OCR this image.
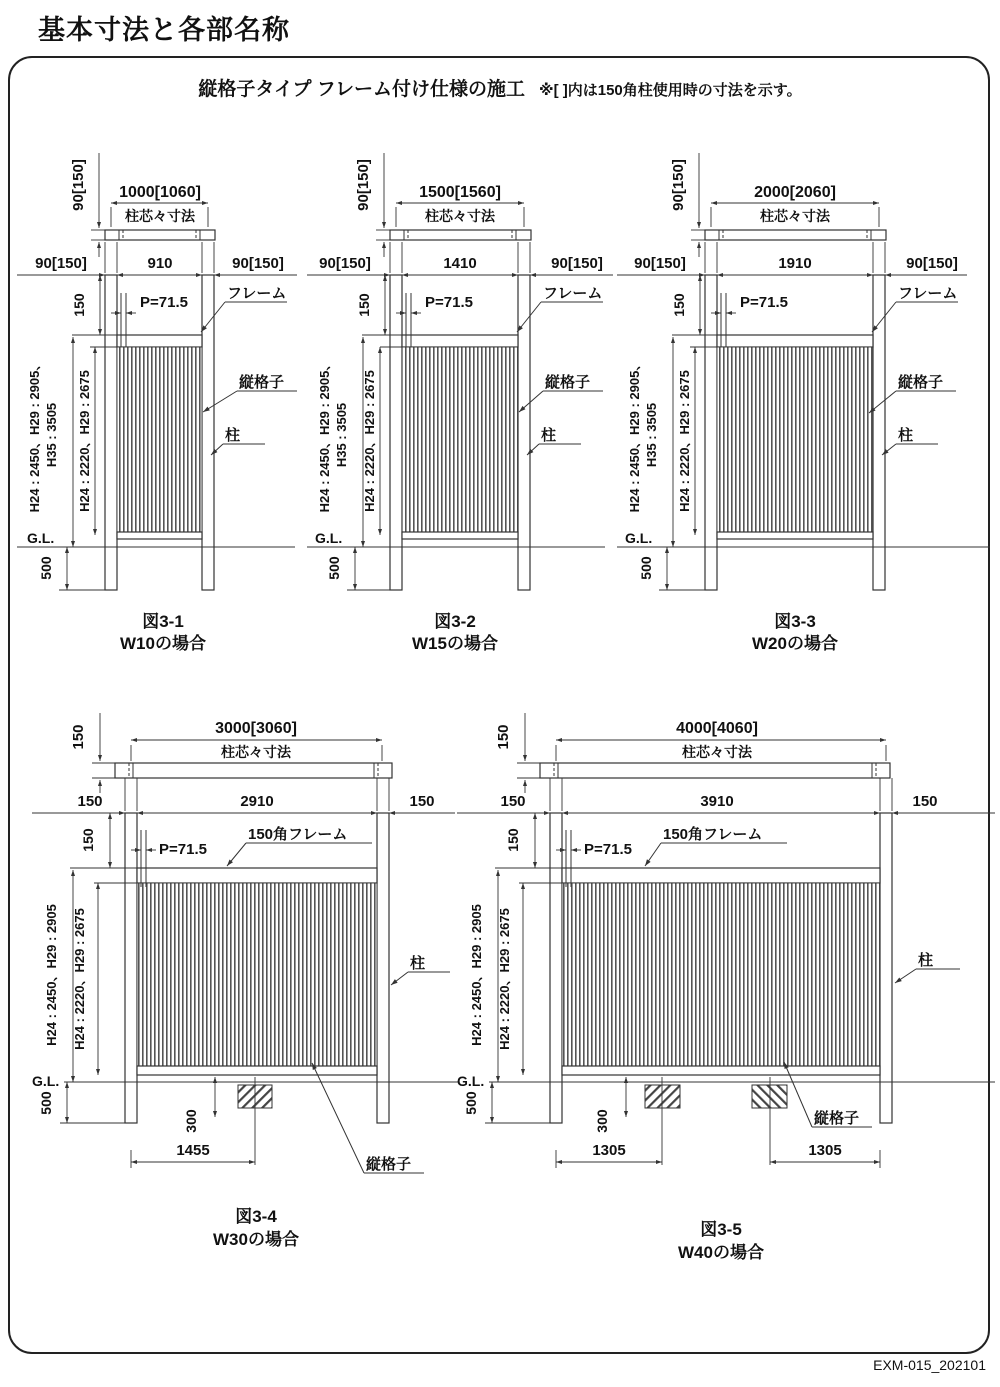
基本寸法と各部名称
縦格子タイプ フレーム付け仕様の施工 ※[ ]内は150角柱使用時の寸法を示す。
90[150] 1000[1060]
柱芯々寸法
90[150]	910	90[150]
P=71.5
150
H24 : 2450、H29 : 2905、 H35 : 3505 H24 : 2220、H29 : 2675
G.L.
500
フレーム
縦格子
柱
図3-1
W10の場合
90[150]	1500[1560]
柱芯々寸法
90[150]	1410	90[150]
P=71.5
150
H24 : 2450、H29 : 2905、 H35 : 3505 H24 : 2220、H29 : 2675
G.L.
500
フレーム
縦格子
柱
図3-2
W15の場合
90[150]	2000[2060]
柱芯々寸法
90[150]	1910	90[150]
P=71.5
150
H24 : 2450、H29 : 2905、 H35 : 3505 H24 : 2220、H29 : 2675
G.L.
500
フレーム
縦格子
柱
図3-3
W20の場合
150	3000[3060]
柱芯々寸法
150	2910	150
P=71.5
150
H24 : 2450、H29 : 2905 H24 : 2220、H29 : 2675
G.L.
500
300
1455
150角フレーム
縦格子
柱
図3-4
W30の場合
150	4000[4060]
柱芯々寸法
150	3910	150
P=71.5
150
H24 : 2450、H29 : 2905 H24 : 2220、H29 : 2675
G.L.
500
300
1305	1305
150角フレーム
縦格子
柱
図3-5
W40の場合
EXM-015_202101
